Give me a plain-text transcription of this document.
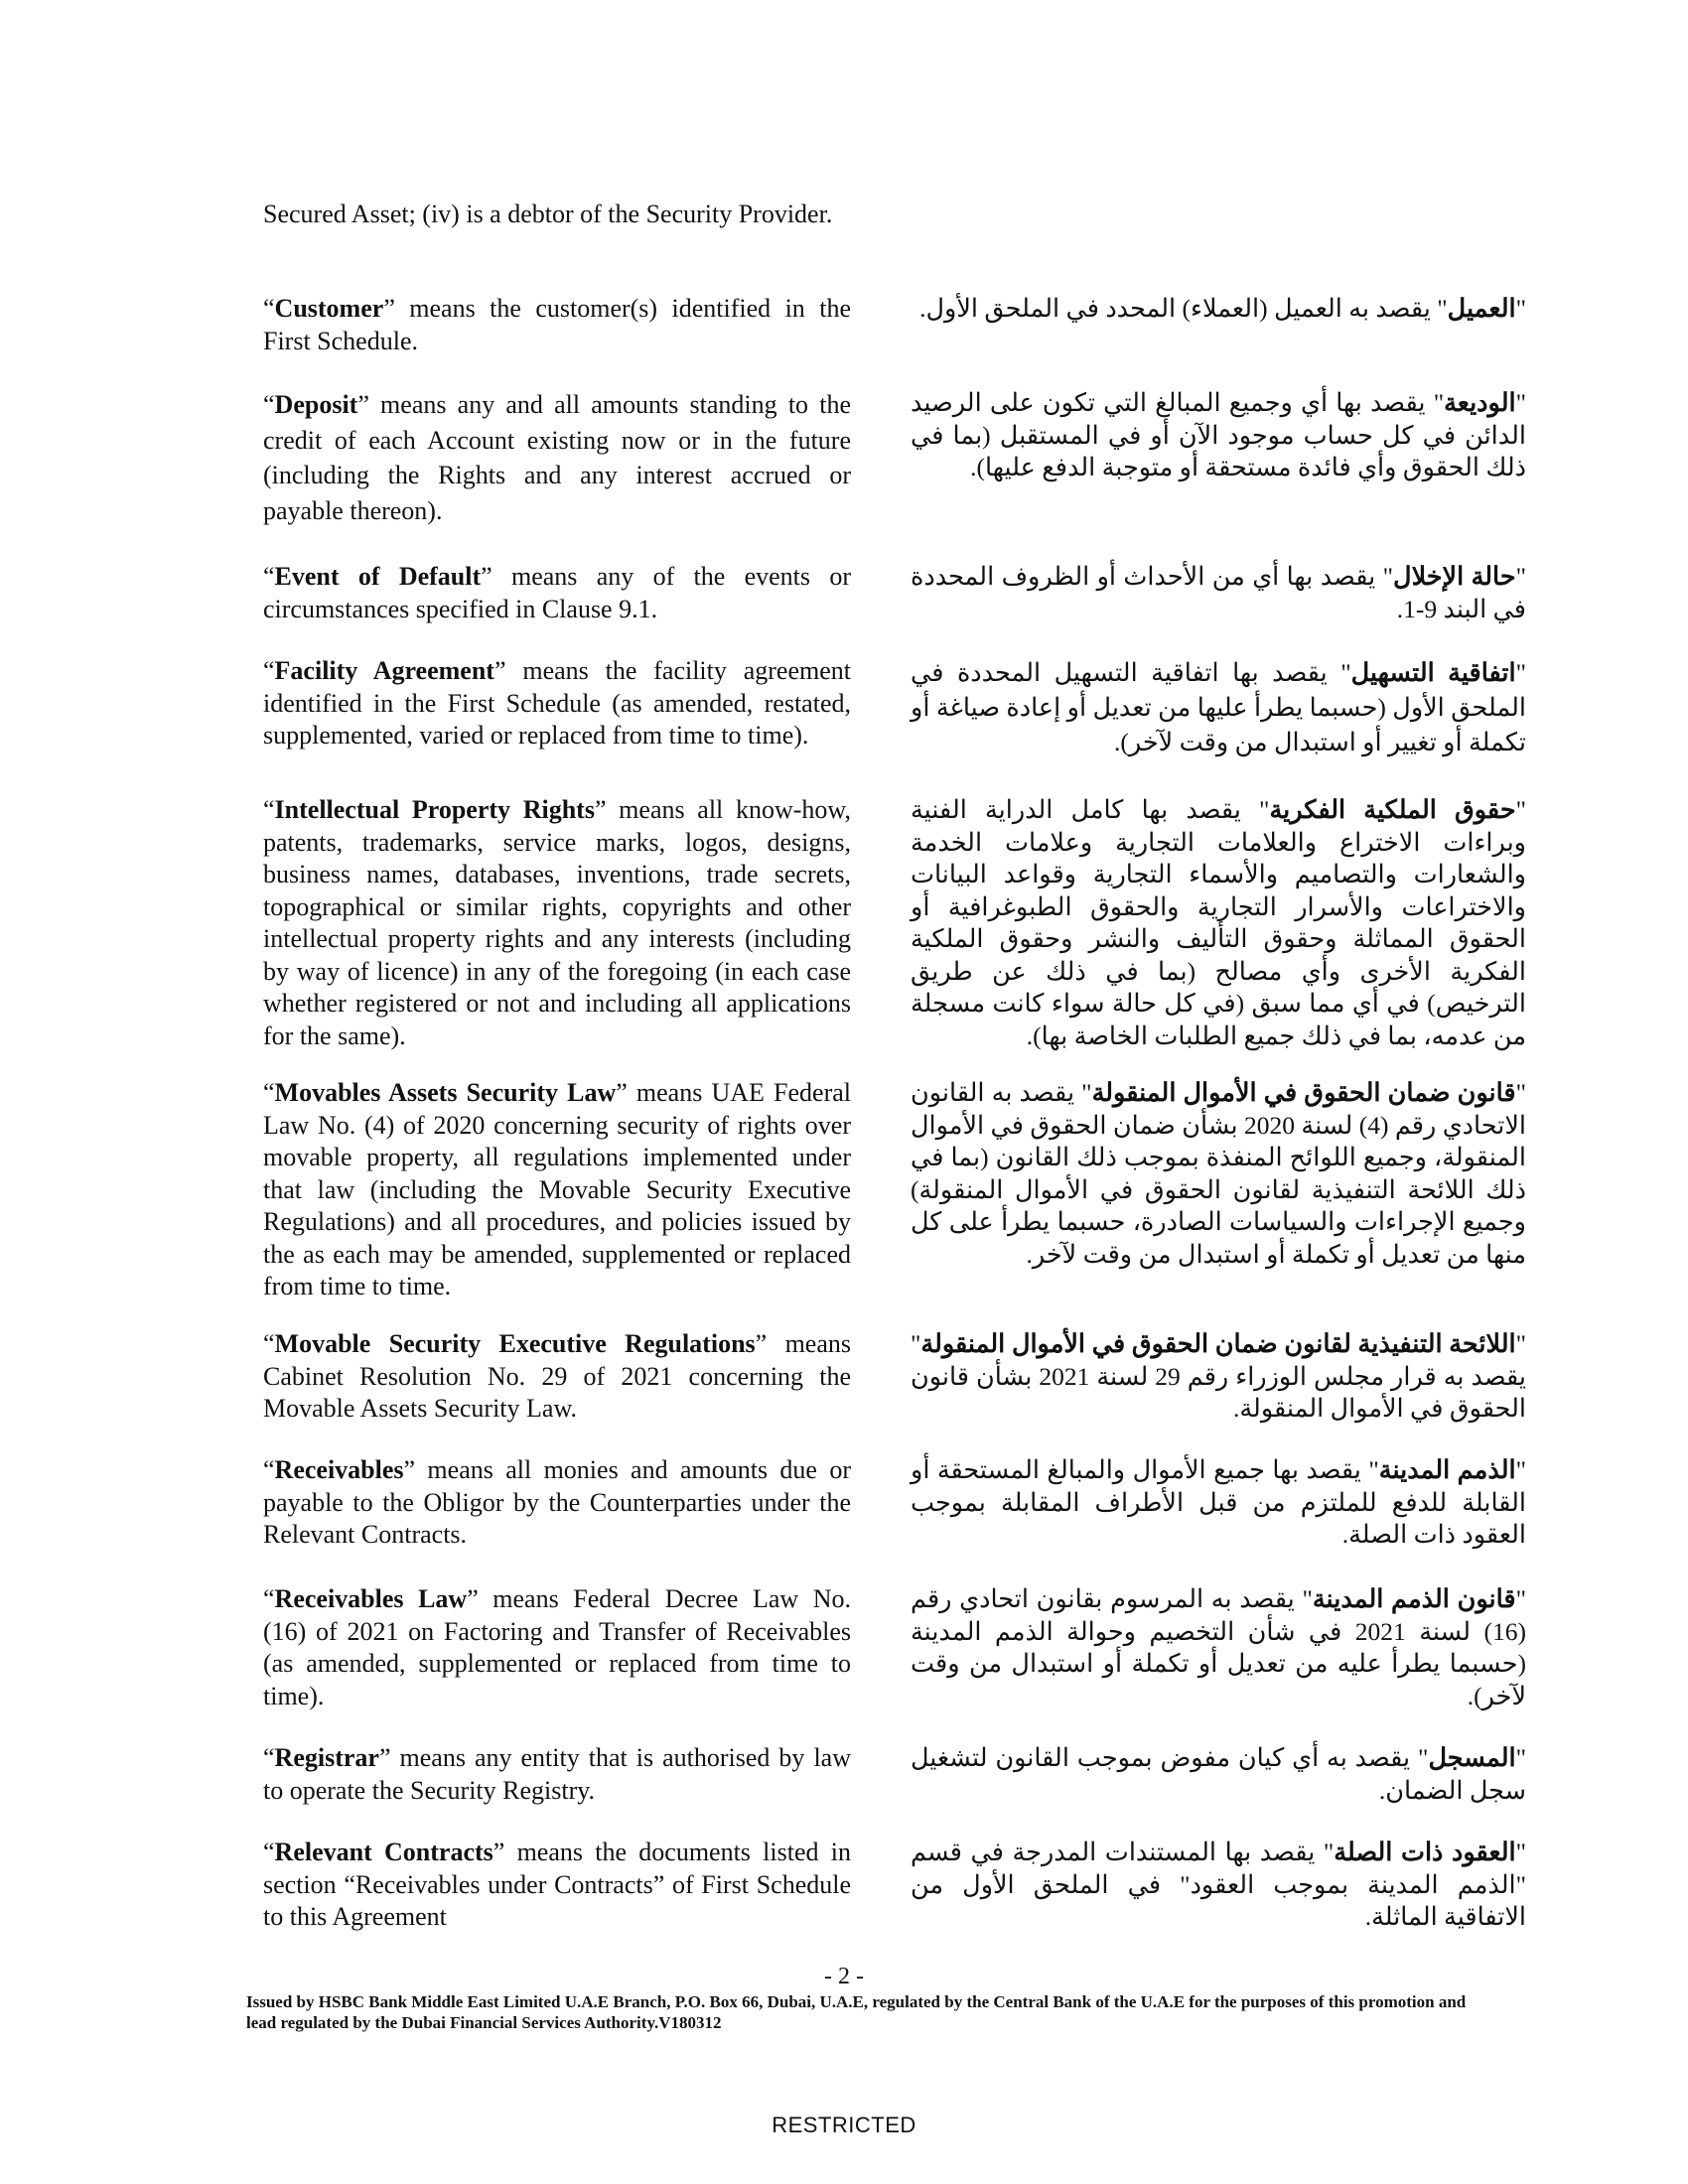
Secured Asset; (iv) is a debtor of the Security Provider.
“Customer” means the customer(s) identified in the First Schedule.
"العميل" يقصد به العميل (العملاء) المحدد في الملحق الأول.
“Deposit” means any and all amounts standing to the credit of each Account existing now or in the future (including the Rights and any interest accrued or payable thereon).
"الوديعة" يقصد بها أي وجميع المبالغ التي تكون على الرصيد الدائن في كل حساب موجود الآن أو في المستقبل (بما في ذلك الحقوق وأي فائدة مستحقة أو متوجبة الدفع عليها).
“Event of Default” means any of the events or circumstances specified in Clause 9.1.
"حالة الإخلال" يقصد بها أي من الأحداث أو الظروف المحددة في البند 9-1.
“Facility Agreement” means the facility agreement identified in the First Schedule (as amended, restated, supplemented, varied or replaced from time to time).
"اتفاقية التسهيل" يقصد بها اتفاقية التسهيل المحددة في الملحق الأول (حسبما يطرأ عليها من تعديل أو إعادة صياغة أو تكملة أو تغيير أو استبدال من وقت لآخر).
“Intellectual Property Rights” means all know-how, patents, trademarks, service marks, logos, designs, business names, databases, inventions, trade secrets, topographical or similar rights, copyrights and other intellectual property rights and any interests (including by way of licence) in any of the foregoing (in each case whether registered or not and including all applications for the same).
"حقوق الملكية الفكرية" يقصد بها كامل الدراية الفنية وبراءات الاختراع والعلامات التجارية وعلامات الخدمة والشعارات والتصاميم والأسماء التجارية وقواعد البيانات والاختراعات والأسرار التجارية والحقوق الطبوغرافية أو الحقوق المماثلة وحقوق التأليف والنشر وحقوق الملكية الفكرية الأخرى وأي مصالح (بما في ذلك عن طريق الترخيص) في أي مما سبق (في كل حالة سواء كانت مسجلة من عدمه، بما في ذلك جميع الطلبات الخاصة بها).
“Movables Assets Security Law” means UAE Federal Law No. (4) of 2020 concerning security of rights over movable property, all regulations implemented under that law (including the Movable Security Executive Regulations) and all procedures, and policies issued by the as each may be amended, supplemented or replaced from time to time.
"قانون ضمان الحقوق في الأموال المنقولة" يقصد به القانون الاتحادي رقم (4) لسنة 2020 بشأن ضمان الحقوق في الأموال المنقولة، وجميع اللوائح المنفذة بموجب ذلك القانون (بما في ذلك اللائحة التنفيذية لقانون الحقوق في الأموال المنقولة) وجميع الإجراءات والسياسات الصادرة، حسبما يطرأ على كل منها من تعديل أو تكملة أو استبدال من وقت لآخر.
“Movable Security Executive Regulations” means Cabinet Resolution No. 29 of 2021 concerning the Movable Assets Security Law.
"اللائحة التنفيذية لقانون ضمان الحقوق في الأموال المنقولة" يقصد به قرار مجلس الوزراء رقم 29 لسنة 2021 بشأن قانون الحقوق في الأموال المنقولة.
“Receivables” means all monies and amounts due or payable to the Obligor by the Counterparties under the Relevant Contracts.
"الذمم المدينة" يقصد بها جميع الأموال والمبالغ المستحقة أو القابلة للدفع للملتزم من قبل الأطراف المقابلة بموجب العقود ذات الصلة.
“Receivables Law” means Federal Decree Law No. (16) of 2021 on Factoring and Transfer of Receivables (as amended, supplemented or replaced from time to time).
"قانون الذمم المدينة" يقصد به المرسوم بقانون اتحادي رقم (16) لسنة 2021 في شأن التخصيم وحوالة الذمم المدينة (حسبما يطرأ عليه من تعديل أو تكملة أو استبدال من وقت لآخر).
“Registrar” means any entity that is authorised by law to operate the Security Registry.
"المسجل" يقصد به أي كيان مفوض بموجب القانون لتشغيل سجل الضمان.
“Relevant Contracts” means the documents listed in section “Receivables under Contracts” of First Schedule to this Agreement
"العقود ذات الصلة" يقصد بها المستندات المدرجة في قسم "الذمم المدينة بموجب العقود" في الملحق الأول من الاتفاقية الماثلة.
- 2 -
Issued by HSBC Bank Middle East Limited U.A.E Branch, P.O. Box 66, Dubai, U.A.E, regulated by the Central Bank of the U.A.E for the purposes of this promotion and lead regulated by the Dubai Financial Services Authority.V180312
RESTRICTED
